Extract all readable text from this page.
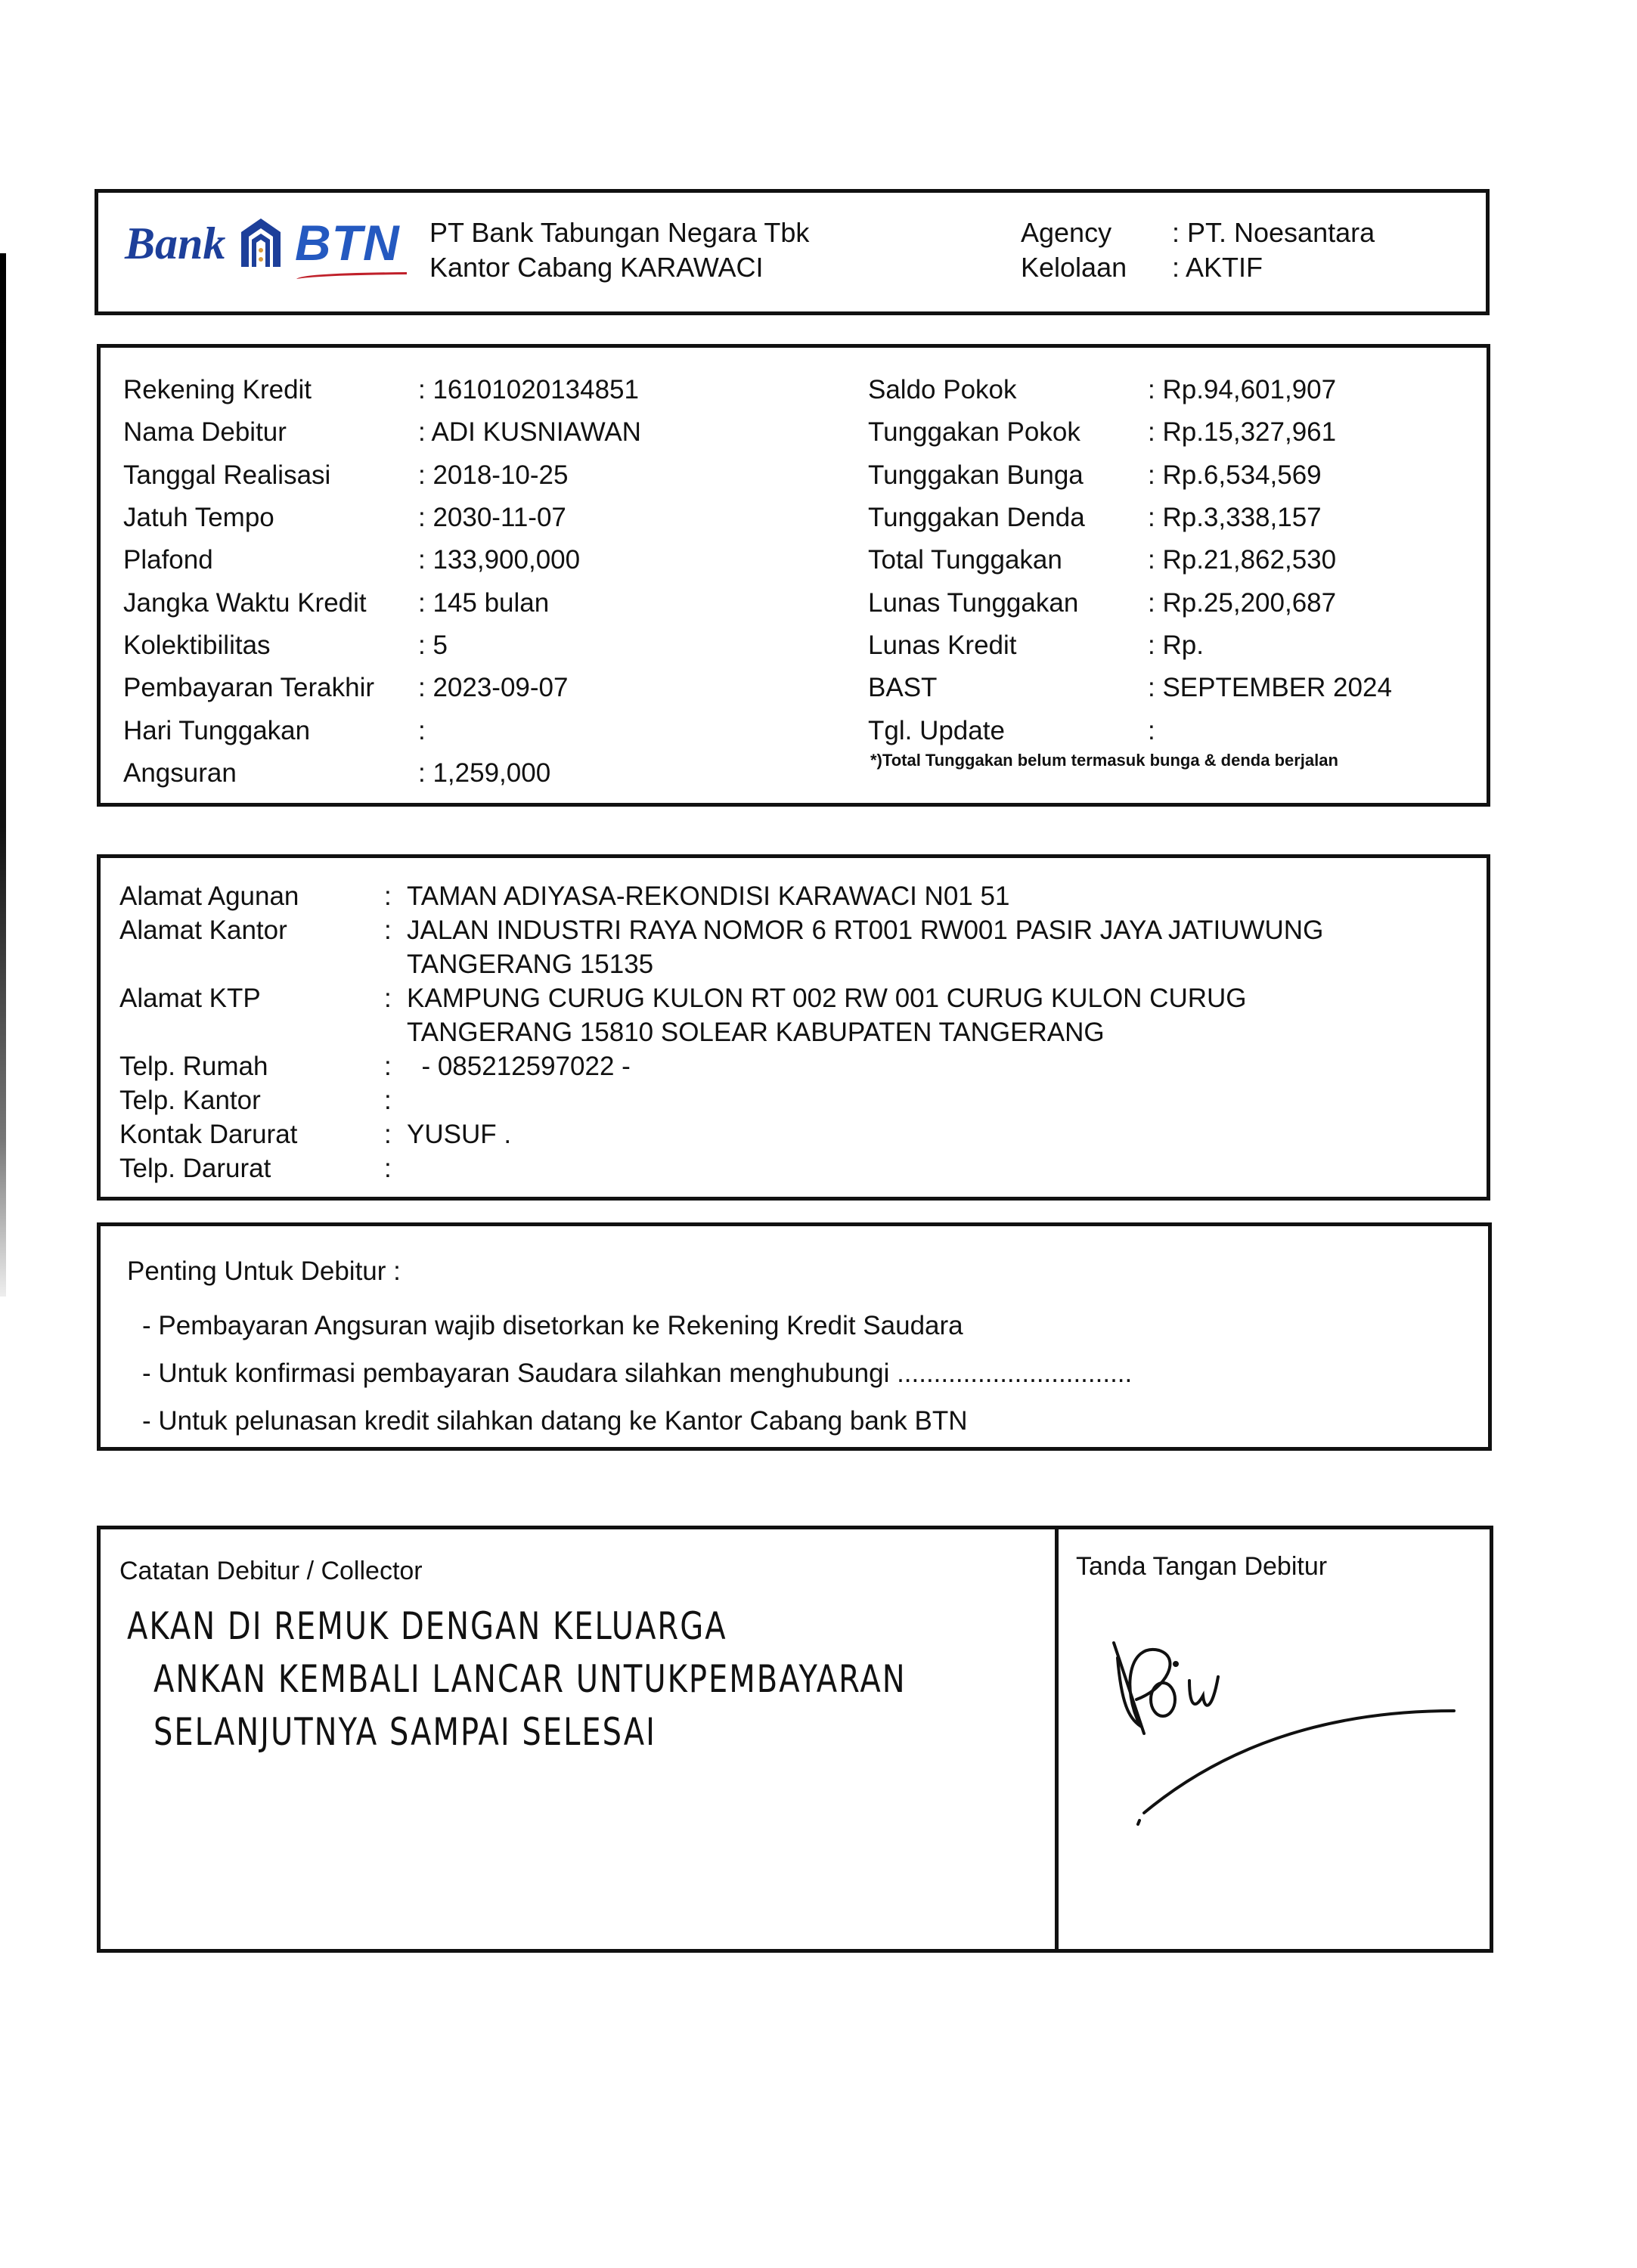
Bank BTN PT Bank Tabungan Negara Tbk
Kantor Cabang KARAWACI
Agency	: PT. Noesantara
Kelolaan	: AKTIF
Rekening Kredit	: 16101020134851
Nama Debitur	: ADI KUSNIAWAN
Tanggal Realisasi	: 2018-10-25
Jatuh Tempo	: 2030-11-07
Plafond	: 133,900,000
Jangka Waktu Kredit	: 145 bulan
Kolektibilitas	: 5
Pembayaran Terakhir	: 2023-09-07
Hari Tunggakan	:
Angsuran	: 1,259,000
Saldo Pokok	: Rp.94,601,907
Tunggakan Pokok	: Rp.15,327,961
Tunggakan Bunga	: Rp.6,534,569
Tunggakan Denda	: Rp.3,338,157
Total Tunggakan	: Rp.21,862,530
Lunas Tunggakan	: Rp.25,200,687
Lunas Kredit	: Rp.
BAST	: SEPTEMBER 2024
Tgl. Update	:
*)Total Tunggakan belum termasuk bunga & denda berjalan
Alamat Agunan	: TAMAN ADIYASA-REKONDISI KARAWACI N01 51
Alamat Kantor	: JALAN INDUSTRI RAYA NOMOR 6 RT001 RW001 PASIR JAYA JATIUWUNG TANGERANG 15135
Alamat KTP	: KAMPUNG CURUG KULON RT 002 RW 001 CURUG KULON CURUG TANGERANG 15810 SOLEAR KABUPATEN TANGERANG
Telp. Rumah	: - 085212597022 -
Telp. Kantor	:
Kontak Darurat	: YUSUF .
Telp. Darurat	:
Penting Untuk Debitur :
- Pembayaran Angsuran wajib disetorkan ke Rekening Kredit Saudara
- Untuk konfirmasi pembayaran Saudara silahkan menghubungi ................................
- Untuk pelunasan kredit silahkan datang ke Kantor Cabang bank BTN
Catatan Debitur / Collector
AKAN DI REMUK DENGAN KELUARGA
ANKAN KEMBALI LANCAR UNTUKPEMBAYARAN
SELANJUTNYA SAMPAI SELESAI
Tanda Tangan Debitur
